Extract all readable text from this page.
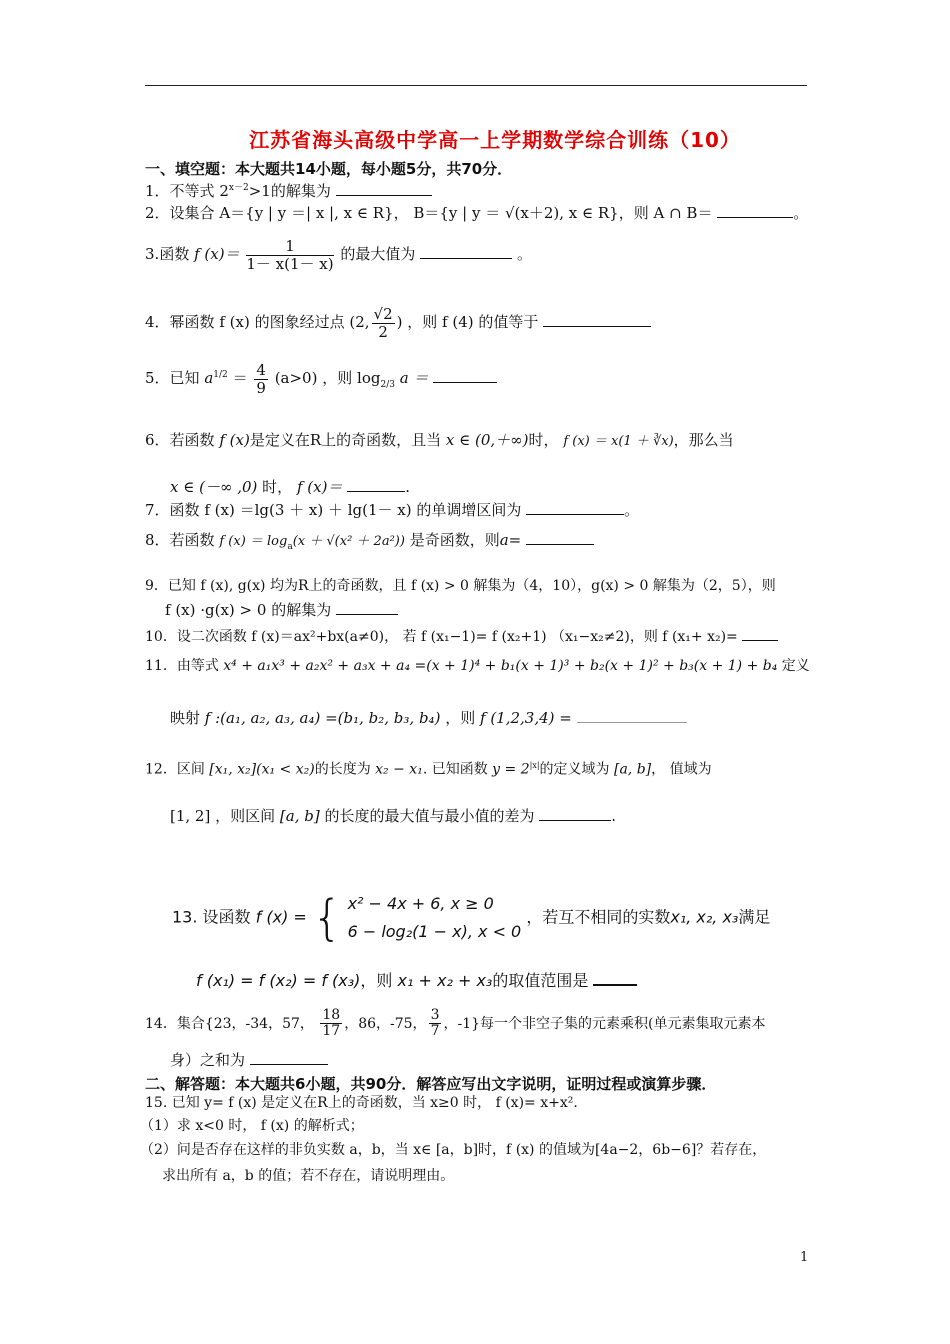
江苏省海头高级中学高一上学期数学综合训练（10）
一、填空题：本大题共14小题，每小题5分，共70分．
1．不等式 $2^{x-2}>1$的解集为
2．设集合 A＝{y | y ＝| x |, x ∈ R}， B＝{y | y ＝ √(x＋2), x ∈ R}，则 A ∩ B＝	。
3.函数 f $(x)= \frac{1}{1- x(1- x)}$ 的最大值为	。
4．幂函数 f (x) 的图象经过点 (2, $\frac{√2}{2}$ ) ，则 f (4) 的值等于
5．已知 $a^{1/2} = \frac{4}{9} (a>0)$ ，则 $\log_{2/3} a$ ＝
6．若函数 f (x)是定义在R上的奇函数，且当 x ∈ (0,＋∞)时， f (x) ＝ x(1 ＋ ∛x)，那么当
x ∈ (－∞ ,0) 时， f (x)＝	.
7．函数 f (x) ＝lg(3 ＋ x) ＋ lg(1－ x) 的单调增区间为	。
8．若函数 f $(x) = \log_a(x + √(x^2 + 2a^2))$ 是奇函数，则a=
9．已知 f (x), g(x) 均为R上的奇函数，且 f (x) > 0 解集为（4，10），g(x) > 0 解集为（2，5），则
f (x) ·g(x) > 0 的解集为
10．设二次函数 f (x)＝ax²+bx(a≠0)， 若 f (x₁−1)= f (x₂+1) （x₁−x₂≠2)，则 f (x₁+ x₂)=
11．由等式 x⁴ + a₁x³ + a₂x² + a₃x + a₄ =(x + 1)⁴ + b₁(x + 1)³ + b₂(x + 1)² + b₃(x + 1) + b₄ 定义
映射 f :(a₁, a₂, a₃, a₄) =(b₁, b₂, b₃, b₄) ，则 f (1,2,3,4) =
12．区间 [x₁, x₂](x₁ < x₂)的长度为 x₂ − x₁. 已知函数 $y = 2^{|x|}$的定义域为 [a, b]， 值域为
[1, 2] ，则区间 [a, b] 的长度的最大值与最小值的差为	.
13. 设函数 f (x) = { x² − 4x + 6, x ≥ 0
6 − log₂(1 − x), x < 0
，若互不相同的实数x₁, x₂, x₃满足
f (x₁) = f (x₂) = f (x₃)，则 x₁ + x₂ + x₃的取值范围是
14．集合{23，-34，57， $\frac{18}{17}$ ，86，-75， $\frac{3}{7}$ ，-1}每一个非空子集的元素乘积(单元素集取元素本
身）之和为
二、解答题：本大题共6小题，共90分．解答应写出文字说明，证明过程或演算步骤．
15. 已知 y= f (x) 是定义在R上的奇函数，当 x≥0 时， f (x)= x+x².
（1）求 x<0 时， f (x) 的解析式；
（2）问是否存在这样的非负实数 a，b，当 x∈ [a，b]时，f (x) 的值域为[4a−2，6b−6]？若存在，
求出所有 a，b 的值；若不存在，请说明理由。
1
